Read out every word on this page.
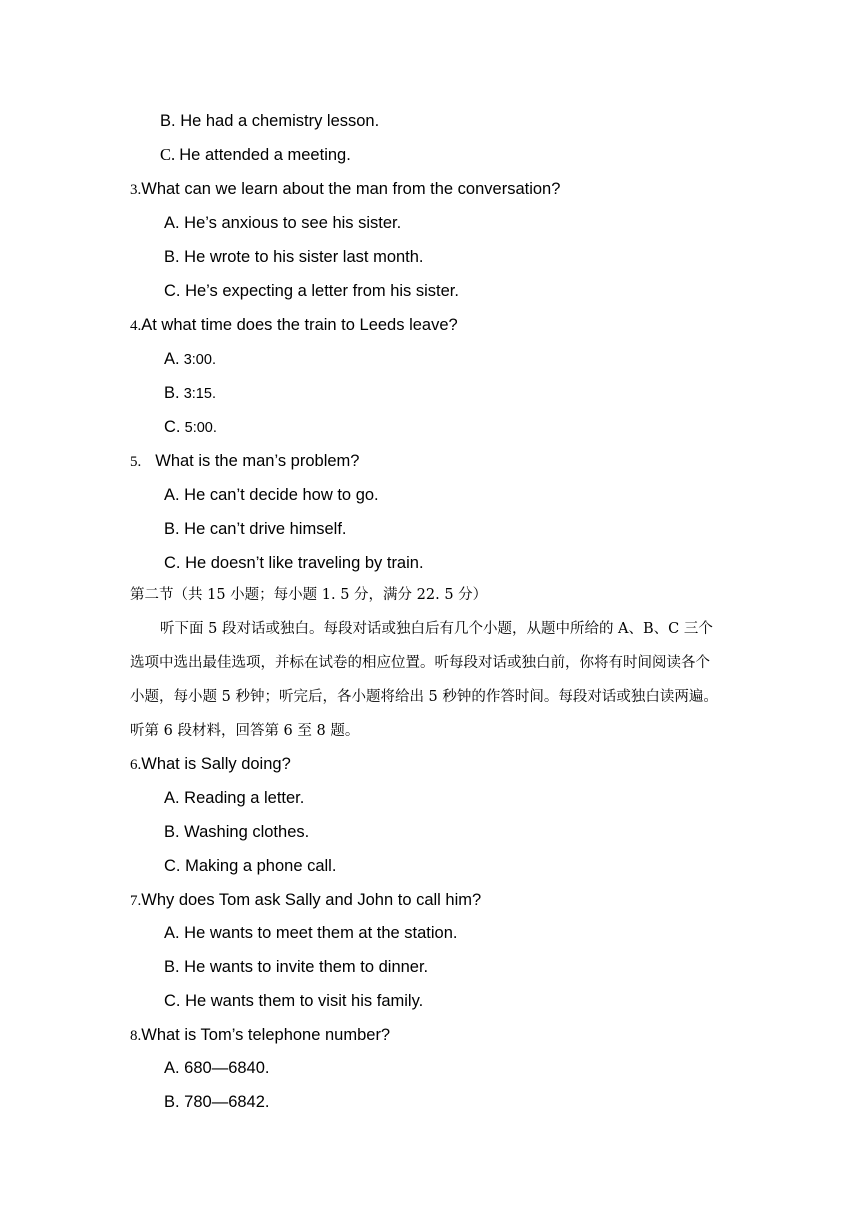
B. He had a chemistry lesson.
C. He attended a meeting.
3.What can we learn about the man from the conversation?
A. He’s anxious to see his sister.
B. He wrote to his sister last month.
C. He’s expecting a letter from his sister.
4.At what time does the train to Leeds leave?
A. 3:00.
B. 3:15.
C. 5:00.
5. What is the man’s problem?
A. He can’t decide how to go.
B. He can’t drive himself.
C. He doesn’t like traveling by train.
第二节（共 15 小题；每小题 1. 5 分，满分 22. 5 分）
听下面 5 段对话或独白。每段对话或独白后有几个小题，从题中所给的 A、B、C 三个
选项中选出最佳选项，并标在试卷的相应位置。听每段对话或独白前，你将有时间阅读各个
小题，每小题 5 秒钟；听完后，各小题将给出 5 秒钟的作答时间。每段对话或独白读两遍。
听第 6 段材料，回答第 6 至 8 题。
6.What is Sally doing?
A. Reading a letter.
B. Washing clothes.
C. Making a phone call.
7.Why does Tom ask Sally and John to call him?
A. He wants to meet them at the station.
B. He wants to invite them to dinner.
C. He wants them to visit his family.
8.What is Tom’s telephone number?
A. 680—6840.
B. 780—6842.
